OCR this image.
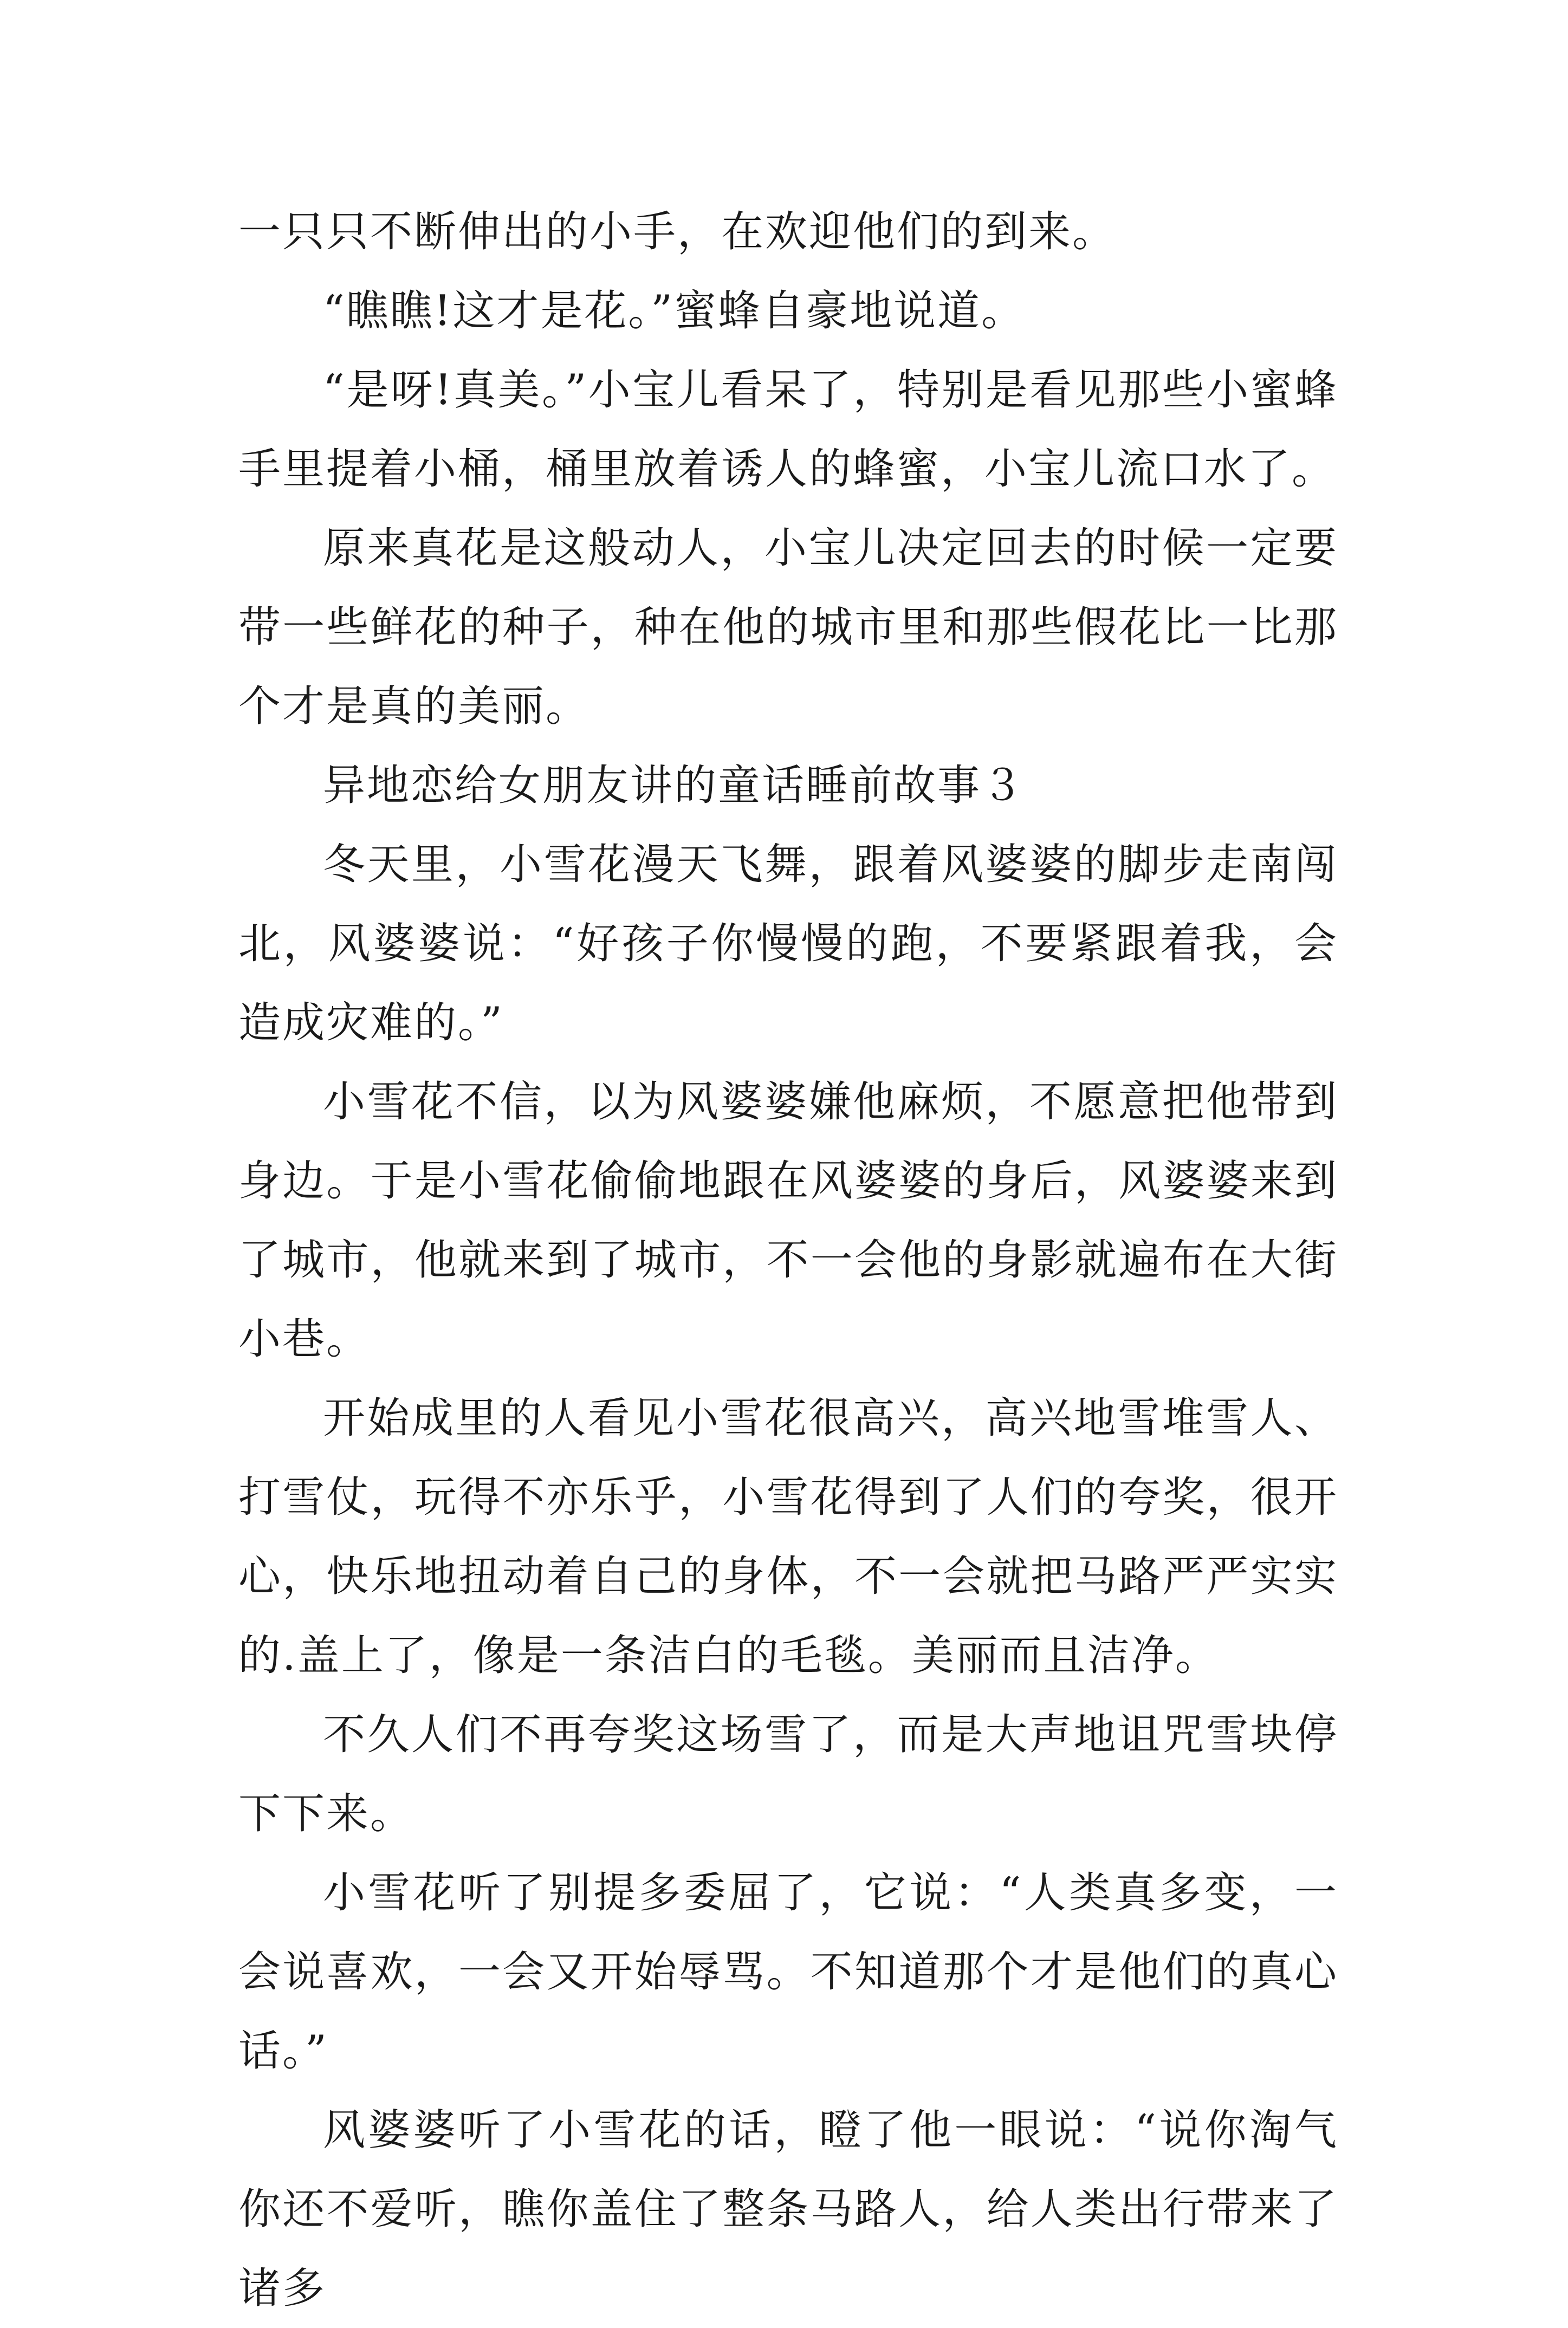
一只只不断伸出的小手，在欢迎他们的到来。

“瞧瞧!这才是花。”蜜蜂自豪地说道。

“是呀!真美。”小宝儿看呆了，特别是看见那些小蜜蜂手里提着小桶，桶里放着诱人的蜂蜜，小宝儿流口水了。

原来真花是这般动人，小宝儿决定回去的时候一定要带一些鲜花的种子，种在他的城市里和那些假花比一比那个才是真的美丽。

异地恋给女朋友讲的童话睡前故事３

冬天里，小雪花漫天飞舞，跟着风婆婆的脚步走南闯北，风婆婆说：“好孩子你慢慢的跑，不要紧跟着我，会造成灾难的。”

小雪花不信，以为风婆婆嫌他麻烦，不愿意把他带到身边。于是小雪花偷偷地跟在风婆婆的身后，风婆婆来到了城市，他就来到了城市，不一会他的身影就遍布在大街小巷。

开始成里的人看见小雪花很高兴，高兴地雪堆雪人、打雪仗，玩得不亦乐乎，小雪花得到了人们的夸奖，很开心，快乐地扭动着自己的身体，不一会就把马路严严实实的.盖上了，像是一条洁白的毛毯。美丽而且洁净。

不久人们不再夸奖这场雪了，而是大声地诅咒雪块停下下来。

小雪花听了别提多委屈了，它说：“人类真多变，一会说喜欢，一会又开始辱骂。不知道那个才是他们的真心话。”

风婆婆听了小雪花的话，瞪了他一眼说：“说你淘气你还不爱听，瞧你盖住了整条马路人，给人类出行带来了诸多
